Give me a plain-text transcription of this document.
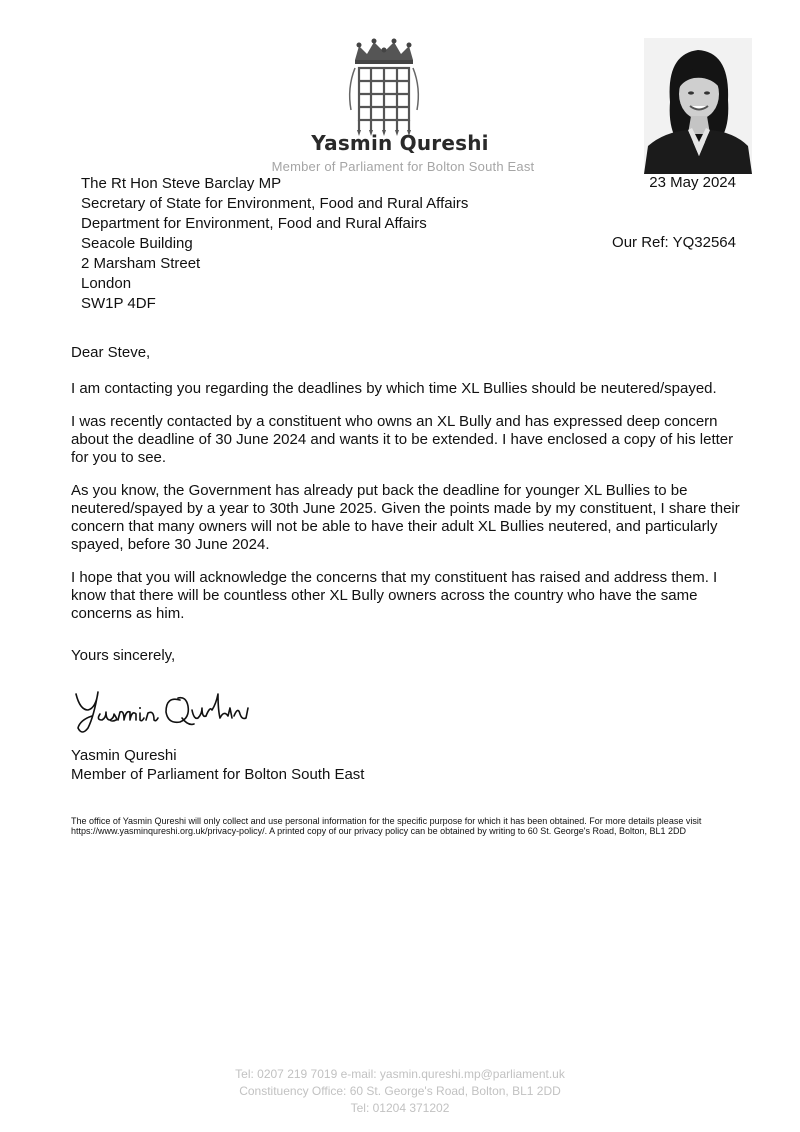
Yasmin Qureshi
Member of Parliament for Bolton South East
23 May 2024
Our Ref: YQ32564
The Rt Hon Steve Barclay MP
Secretary of State for Environment, Food and Rural Affairs
Department for Environment, Food and Rural Affairs
Seacole Building
2 Marsham Street
London
SW1P 4DF

Dear Steve,

I am contacting you regarding the deadlines by which time XL Bullies should be neutered/spayed.

I was recently contacted by a constituent who owns an XL Bully and has expressed deep concern about the deadline of 30 June 2024 and wants it to be extended. I have enclosed a copy of his letter for you to see.

As you know, the Government has already put back the deadline for younger XL Bullies to be neutered/spayed by a year to 30th June 2025. Given the points made by my constituent, I share their concern that many owners will not be able to have their adult XL Bullies neutered, and particularly spayed, before 30 June 2024.

I hope that you will acknowledge the concerns that my constituent has raised and address them. I know that there will be countless other XL Bully owners across the country who have the same concerns as him.

Yours sincerely,

Yasmin Qureshi
Member of Parliament for Bolton South East
The office of Yasmin Qureshi will only collect and use personal information for the specific purpose for which it has been obtained. For more details please visit https://www.yasminqureshi.org.uk/privacy-policy/. A printed copy of our privacy policy can be obtained by writing to 60 St. George's Road, Bolton, BL1 2DD
Tel: 0207 219 7019 e-mail: yasmin.qureshi.mp@parliament.uk
Constituency Office: 60 St. George's Road, Bolton, BL1 2DD
Tel: 01204 371202
